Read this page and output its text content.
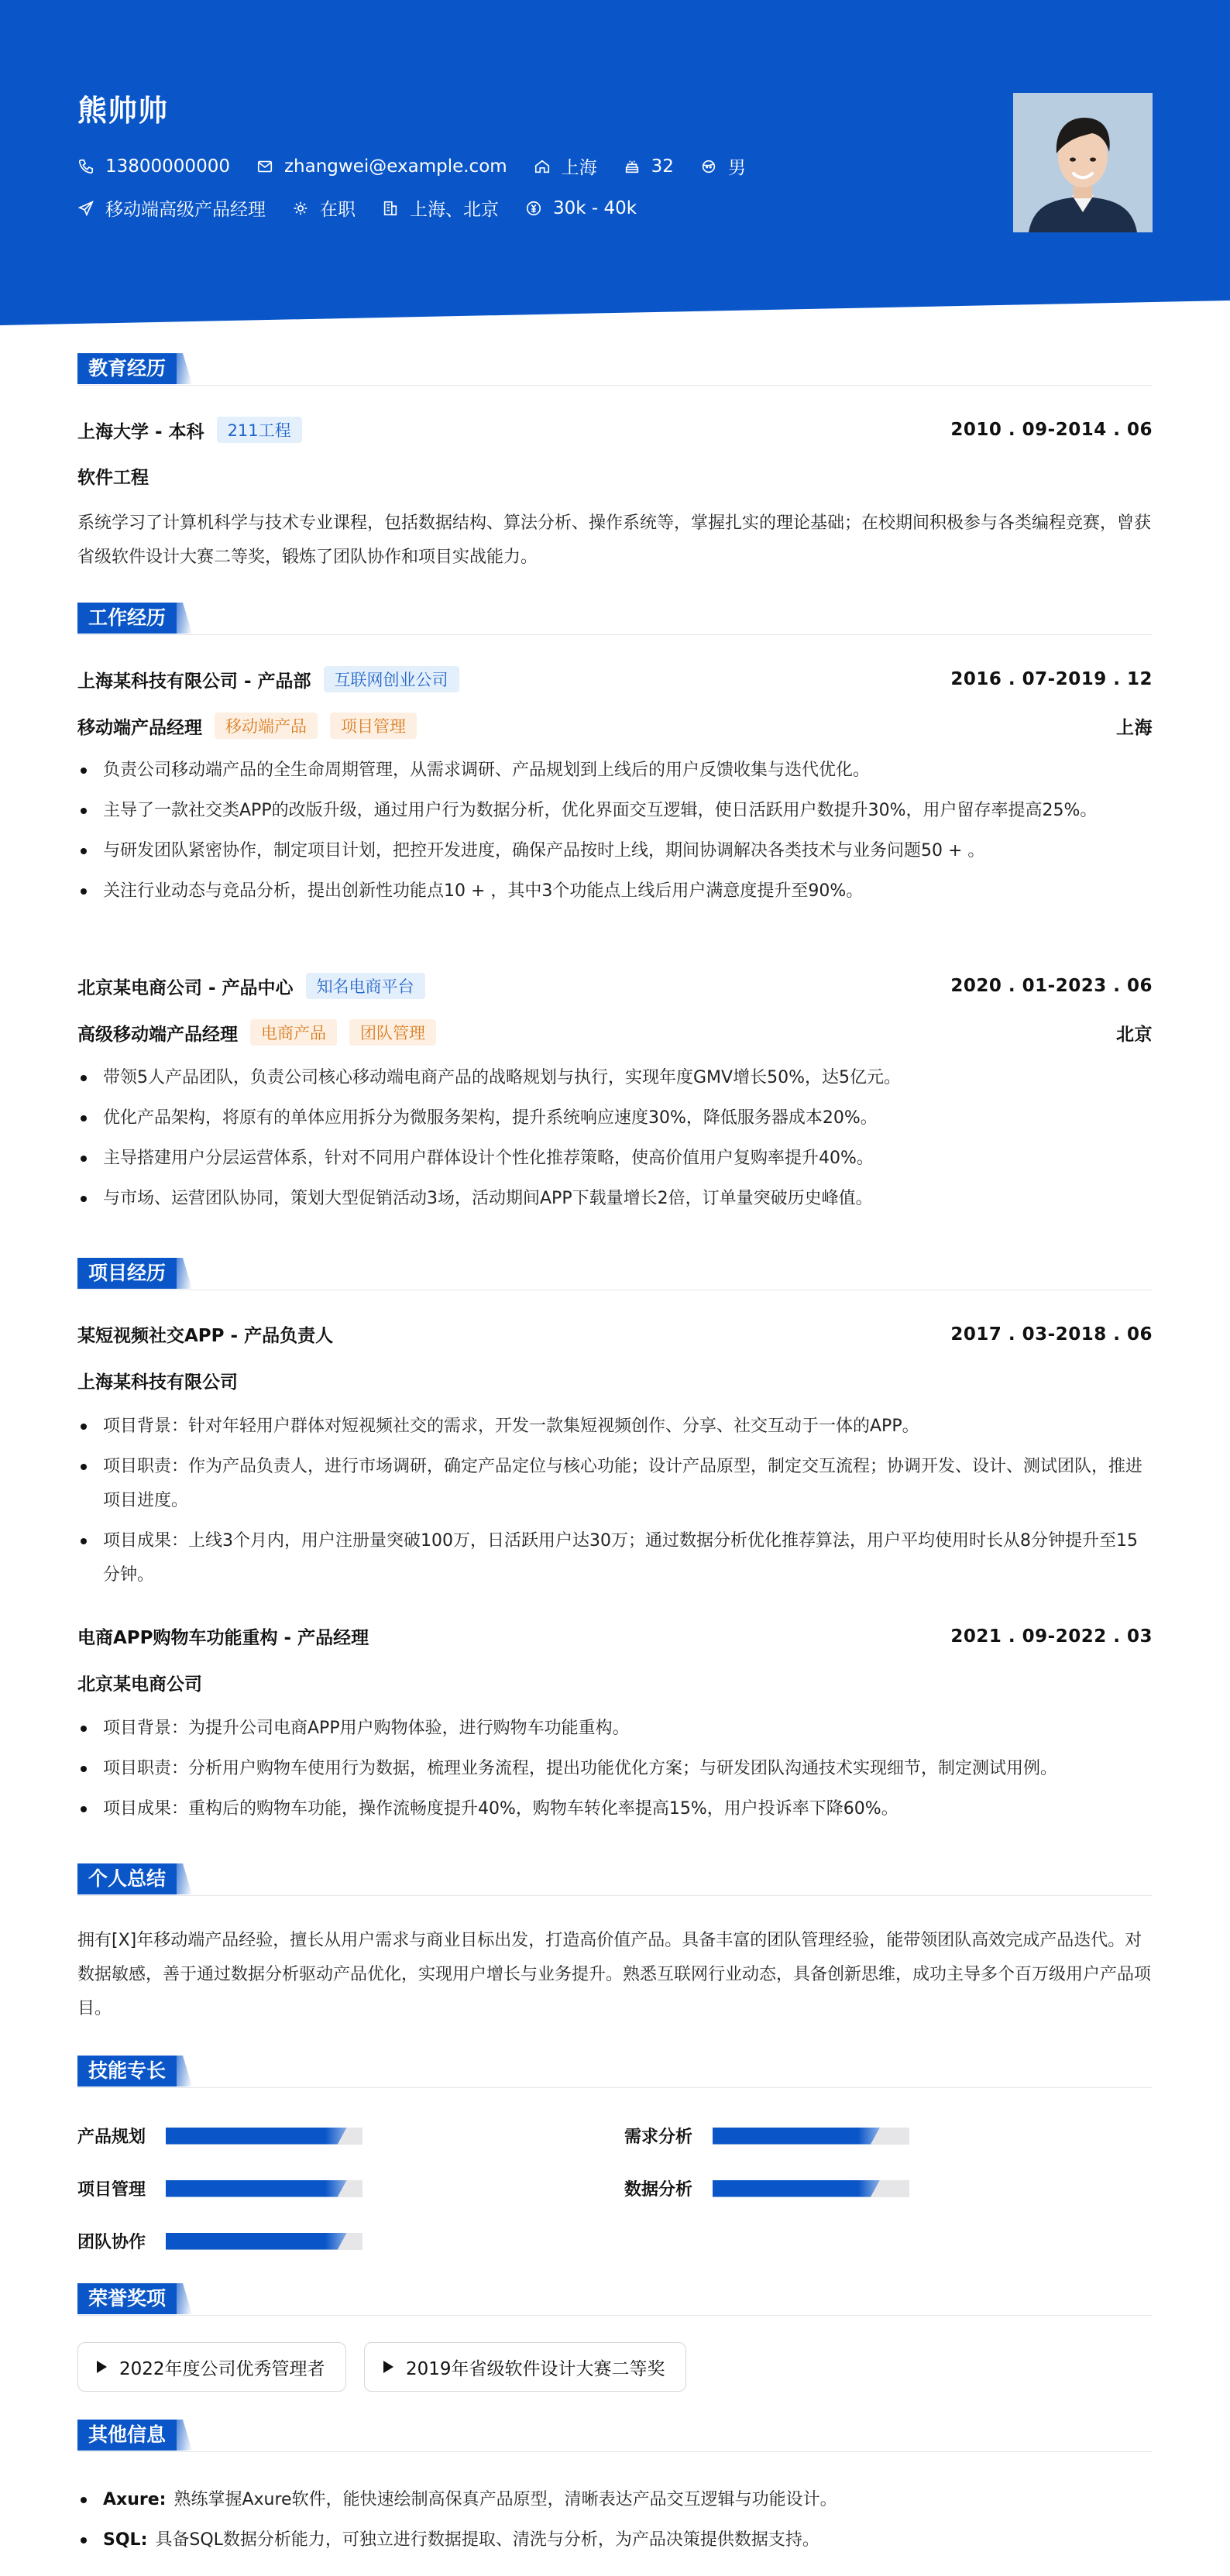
熊帅帅
13800000000	zhangwei@example.com	上海	32	男
移动端高级产品经理	在职	上海、北京	30k - 40k
教育经历
上海大学 - 本科	211工程	2010 . 09-2014 . 06
软件工程
系统学习了计算机科学与技术专业课程，包括数据结构、算法分析、操作系统等，掌握扎实的理论基础；在校期间积极参与各类编程竞赛，曾获省级软件设计大赛二等奖，锻炼了团队协作和项目实战能力。
工作经历
上海某科技有限公司 - 产品部	互联网创业公司	2016 . 07-2019 . 12
移动端产品经理	移动端产品	项目管理	上海
负责公司移动端产品的全生命周期管理，从需求调研、产品规划到上线后的用户反馈收集与迭代优化。
主导了一款社交类APP的改版升级，通过用户行为数据分析，优化界面交互逻辑，使日活跃用户数提升30%，用户留存率提高25%。
与研发团队紧密协作，制定项目计划，把控开发进度，确保产品按时上线，期间协调解决各类技术与业务问题50 + 。
关注行业动态与竞品分析，提出创新性功能点10 + ，其中3个功能点上线后用户满意度提升至90%。
北京某电商公司 - 产品中心	知名电商平台	2020 . 01-2023 . 06
高级移动端产品经理	电商产品	团队管理	北京
带领5人产品团队，负责公司核心移动端电商产品的战略规划与执行，实现年度GMV增长50%，达5亿元。
优化产品架构，将原有的单体应用拆分为微服务架构，提升系统响应速度30%，降低服务器成本20%。
主导搭建用户分层运营体系，针对不同用户群体设计个性化推荐策略，使高价值用户复购率提升40%。
与市场、运营团队协同，策划大型促销活动3场，活动期间APP下载量增长2倍，订单量突破历史峰值。
项目经历
某短视频社交APP - 产品负责人	2017 . 03-2018 . 06
上海某科技有限公司
项目背景：针对年轻用户群体对短视频社交的需求，开发一款集短视频创作、分享、社交互动于一体的APP。
项目职责：作为产品负责人，进行市场调研，确定产品定位与核心功能；设计产品原型，制定交互流程；协调开发、设计、测试团队，推进项目进度。
项目成果：上线3个月内，用户注册量突破100万，日活跃用户达30万；通过数据分析优化推荐算法，用户平均使用时长从8分钟提升至15分钟。
电商APP购物车功能重构 - 产品经理	2021 . 09-2022 . 03
北京某电商公司
项目背景：为提升公司电商APP用户购物体验，进行购物车功能重构。
项目职责：分析用户购物车使用行为数据，梳理业务流程，提出功能优化方案；与研发团队沟通技术实现细节，制定测试用例。
项目成果：重构后的购物车功能，操作流畅度提升40%，购物车转化率提高15%，用户投诉率下降60%。
个人总结
拥有[X]年移动端产品经验，擅长从用户需求与商业目标出发，打造高价值产品。具备丰富的团队管理经验，能带领团队高效完成产品迭代。对数据敏感，善于通过数据分析驱动产品优化，实现用户增长与业务提升。熟悉互联网行业动态，具备创新思维，成功主导多个百万级用户产品项目。
技能专长
产品规划	需求分析
项目管理	数据分析
团队协作
荣誉奖项
2022年度公司优秀管理者	2019年省级软件设计大赛二等奖
其他信息
Axure: 熟练掌握Axure软件，能快速绘制高保真产品原型，清晰表达产品交互逻辑与功能设计。
SQL: 具备SQL数据分析能力，可独立进行数据提取、清洗与分析，为产品决策提供数据支持。
